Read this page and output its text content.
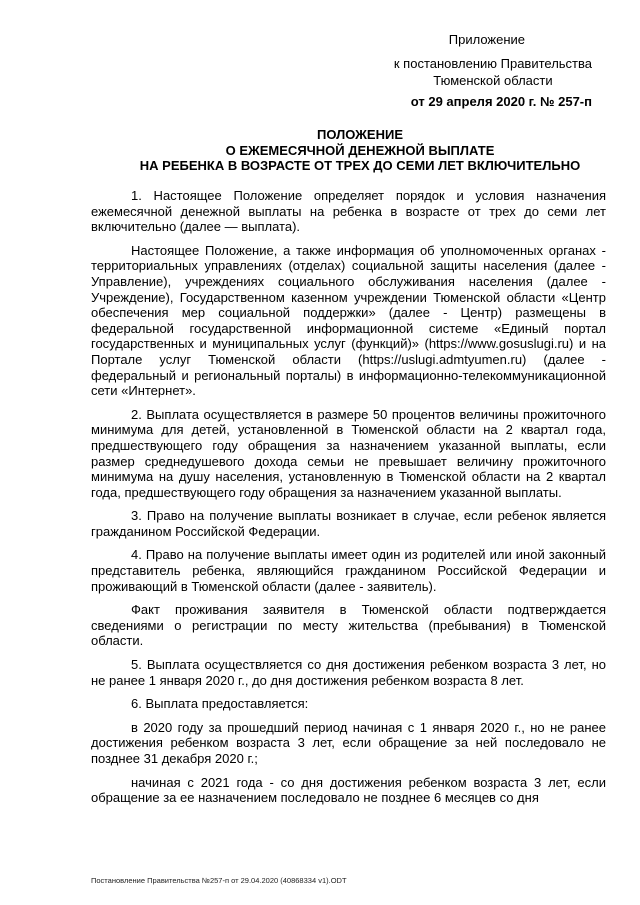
Приложение
к постановлению Правительства
Тюменской области
от 29 апреля 2020 г. № 257-п
ПОЛОЖЕНИЕ
О ЕЖЕМЕСЯЧНОЙ ДЕНЕЖНОЙ ВЫПЛАТЕ
НА РЕБЕНКА В ВОЗРАСТЕ ОТ ТРЕХ ДО СЕМИ ЛЕТ ВКЛЮЧИТЕЛЬНО

1. Настоящее Положение определяет порядок и условия назначения ежемесячной денежной выплаты на ребенка в возрасте от трех до семи лет включительно (далее — выплата).

Настоящее Положение, а также информация об уполномоченных органах - территориальных управлениях (отделах) социальной защиты населения (далее - Управление), учреждениях социального обслуживания населения (далее - Учреждение), Государственном казенном учреждении Тюменской области «Центр обеспечения мер социальной поддержки» (далее - Центр) размещены в федеральной государственной информационной системе «Единый портал государственных и муниципальных услуг (функций)» (https://www.gosuslugi.ru) и на Портале услуг Тюменской области (https://uslugi.admtyumen.ru) (далее - федеральный и региональный порталы) в информационно-телекоммуникационной сети «Интернет».

2. Выплата осуществляется в размере 50 процентов величины прожиточного минимума для детей, установленной в Тюменской области на 2 квартал года, предшествующего году обращения за назначением указанной выплаты, если размер среднедушевого дохода семьи не превышает величину прожиточного минимума на душу населения, установленную в Тюменской области на 2 квартал года, предшествующего году обращения за назначением указанной выплаты.

3. Право на получение выплаты возникает в случае, если ребенок является гражданином Российской Федерации.

4. Право на получение выплаты имеет один из родителей или иной законный представитель ребенка, являющийся гражданином Российской Федерации и проживающий в Тюменской области (далее - заявитель).

Факт проживания заявителя в Тюменской области подтверждается сведениями о регистрации по месту жительства (пребывания) в Тюменской области.

5. Выплата осуществляется со дня достижения ребенком возраста 3 лет, но не ранее 1 января 2020 г., до дня достижения ребенком возраста 8 лет.

6. Выплата предоставляется:

в 2020 году за прошедший период начиная с 1 января 2020 г., но не ранее достижения ребенком возраста 3 лет, если обращение за ней последовало не позднее 31 декабря 2020 г.;

начиная с 2021 года - со дня достижения ребенком возраста 3 лет, если обращение за ее назначением последовало не позднее 6 месяцев со дня

Постановление Правительства №257-п от 29.04.2020 (40868334 v1).ODT
